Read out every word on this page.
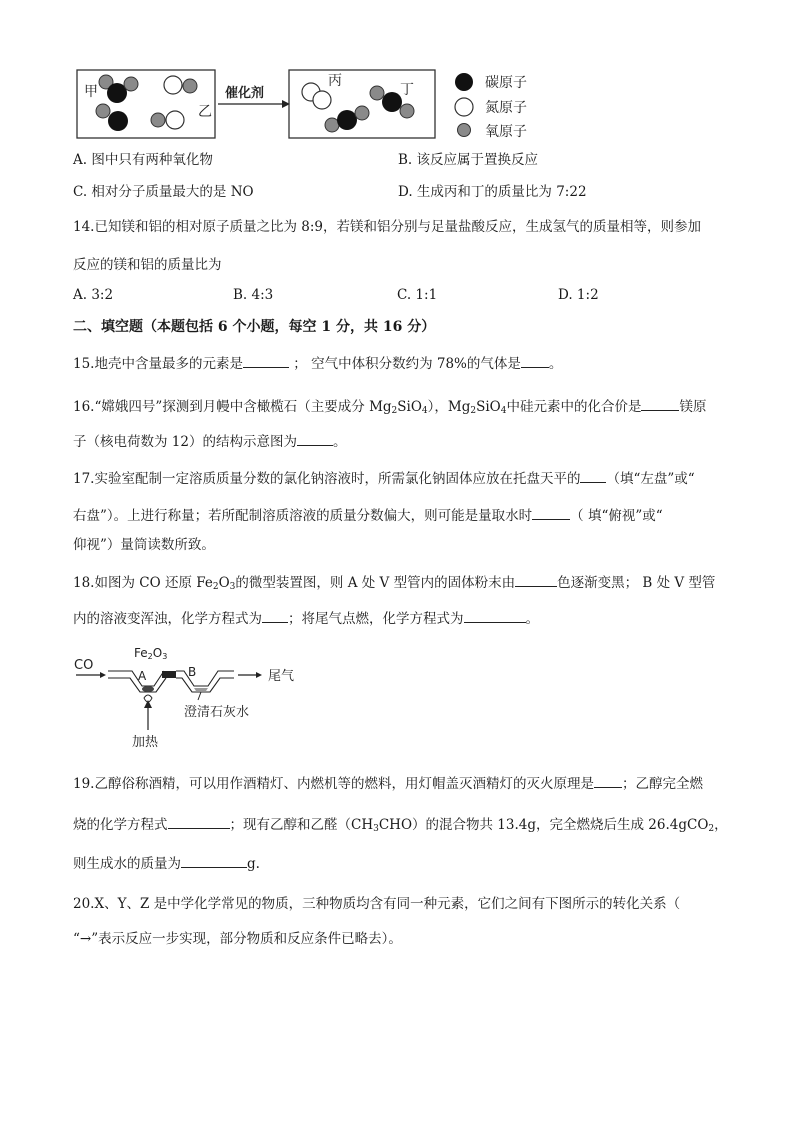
甲
乙
催化剂
丙
丁	碳原子
氮原子
氧原子
A. 图中只有两种氧化物	B. 该反应属于置换反应
C. 相对分子质量最大的是 NO	D. 生成丙和丁的质量比为 7:22
14.已知镁和铝的相对原子质量之比为 8:9，若镁和铝分别与足量盐酸反应，生成氢气的质量相等，则参加
反应的镁和铝的质量比为
A. 3:2	B. 4:3	C. 1:1	D. 1:2
二、填空题（本题包括 6 个小题，每空 1 分，共 16 分）
15.地壳中含量最多的元素是	； 空气中体积分数约为 78%的气体是 。
16.“嫦娥四号”探测到月幔中含橄榄石（主要成分 $Mg_2SiO_4$），$Mg_2SiO_4$中硅元素中的化合价是	镁原
子（核电荷数为 12）的结构示意图为	。
17.实验室配制一定溶质质量分数的氯化钠溶液时，所需氯化钠固体应放在托盘天平的 （填“左盘”或“
右盘”）。上进行称量；若所配制溶质溶液的质量分数偏大，则可能是量取水时	（ 填“俯视”或“
仰视”）量筒读数所致。
18.如图为 CO 还原 $Fe_2O_3$的微型装置图，则 A 处 V 型管内的固体粉末由	色逐渐变黑； B 处 V 型管
内的溶液变浑浊，化学方程式为 ；将尾气点燃，化学方程式为	。
CO
Fe2O3
A	B	尾气
澄清石灰水
加热
19.乙醇俗称酒精，可以用作酒精灯、内燃机等的燃料，用灯帽盖灭酒精灯的灭火原理是 ；乙醇完全燃
烧的化学方程式	；现有乙醇和乙醛$(CH_3CHO)$的混合物共 13.4g，完全燃烧后生成 26.4gCO$_2$，
则生成水的质量为	g.
20.X、Y、Z 是中学化学常见的物质，三种物质均含有同一种元素，它们之间有下图所示的转化关系（
“→”表示反应一步实现，部分物质和反应条件已略去）。
